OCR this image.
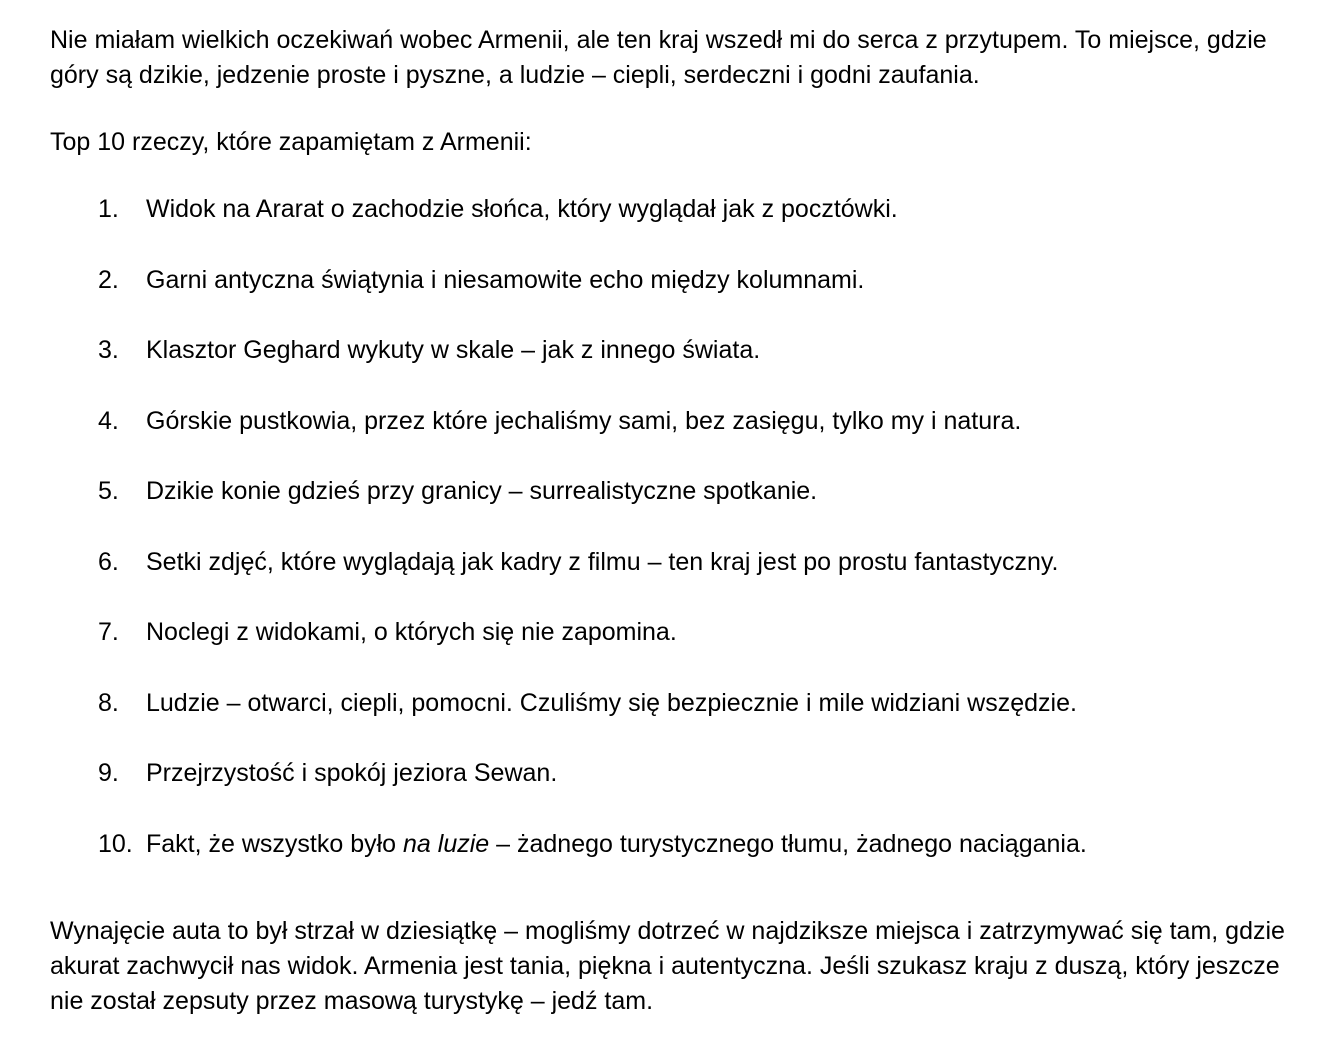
Nie miałam wielkich oczekiwań wobec Armenii, ale ten kraj wszedł mi do serca z przytupem. To miejsce, gdzie góry są dzikie, jedzenie proste i pyszne, a ludzie – ciepli, serdeczni i godni zaufania.

Top 10 rzeczy, które zapamiętam z Armenii:

1. Widok na Ararat o zachodzie słońca, który wyglądał jak z pocztówki.
2. Garni antyczna świątynia i niesamowite echo między kolumnami.
3. Klasztor Geghard wykuty w skale – jak z innego świata.
4. Górskie pustkowia, przez które jechaliśmy sami, bez zasięgu, tylko my i natura.
5. Dzikie konie gdzieś przy granicy – surrealistyczne spotkanie.
6. Setki zdjęć, które wyglądają jak kadry z filmu – ten kraj jest po prostu fantastyczny.
7. Noclegi z widokami, o których się nie zapomina.
8. Ludzie – otwarci, ciepli, pomocni. Czuliśmy się bezpiecznie i mile widziani wszędzie.
9. Przejrzystość i spokój jeziora Sewan.
10. Fakt, że wszystko było na luzie – żadnego turystycznego tłumu, żadnego naciągania.

Wynajęcie auta to był strzał w dziesiątkę – mogliśmy dotrzeć w najdziksze miejsca i zatrzymywać się tam, gdzie akurat zachwycił nas widok. Armenia jest tania, piękna i autentyczna. Jeśli szukasz kraju z duszą, który jeszcze nie został zepsuty przez masową turystykę – jedź tam.
